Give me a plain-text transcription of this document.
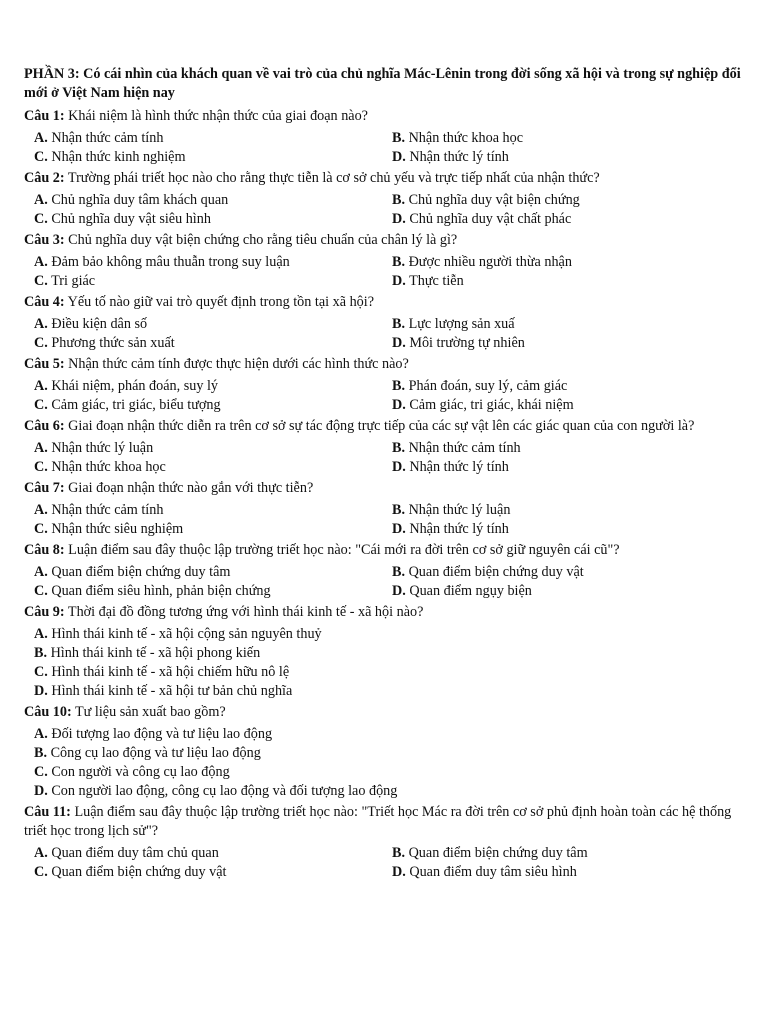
PHẦN 3: Có cái nhìn của khách quan về vai trò của chủ nghĩa Mác-Lênin trong đời sống xã hội và trong sự nghiệp đổi mới ở Việt Nam hiện nay

Câu 1: Khái niệm là hình thức nhận thức của giai đoạn nào?

A. Nhận thức cảm tính	B. Nhận thức khoa học
C. Nhận thức kinh nghiệm	D. Nhận thức lý tính

Câu 2: Trường phái triết học nào cho rằng thực tiễn là cơ sở chủ yếu và trực tiếp nhất của nhận thức?

A. Chủ nghĩa duy tâm khách quan	B. Chủ nghĩa duy vật biện chứng
C. Chủ nghĩa duy vật siêu hình	D. Chủ nghĩa duy vật chất phác

Câu 3: Chủ nghĩa duy vật biện chứng cho rằng tiêu chuẩn của chân lý là gì?

A. Đảm bảo không mâu thuẫn trong suy luận	B. Được nhiều người thừa nhận
C. Tri giác	D. Thực tiễn

Câu 4: Yếu tố nào giữ vai trò quyết định trong tồn tại xã hội?

A. Điều kiện dân số	B. Lực lượng sản xuấ
C. Phương thức sản xuất	D. Môi trường tự nhiên

Câu 5: Nhận thức cảm tính được thực hiện dưới các hình thức nào?

A. Khái niệm, phán đoán, suy lý	B. Phán đoán, suy lý, cảm giác
C. Cảm giác, tri giác, biểu tượng	D. Cảm giác, tri giác, khái niệm

Câu 6: Giai đoạn nhận thức diễn ra trên cơ sở sự tác động trực tiếp của các sự vật lên các giác quan của con người là?

A. Nhận thức lý luận	B. Nhận thức cảm tính
C. Nhận thức khoa học	D. Nhận thức lý tính

Câu 7: Giai đoạn nhận thức nào gắn với thực tiễn?

A. Nhận thức cảm tính	B. Nhận thức lý luận
C. Nhận thức siêu nghiệm	D. Nhận thức lý tính

Câu 8: Luận điểm sau đây thuộc lập trường triết học nào: "Cái mới ra đời trên cơ sở giữ nguyên cái cũ"?

A. Quan điểm biện chứng duy tâm	B. Quan điểm biện chứng duy vật
C. Quan điểm siêu hình, phản biện chứng	D. Quan điểm ngụy biện

Câu 9: Thời đại đồ đồng tương ứng với hình thái kinh tế - xã hội nào?

A. Hình thái kinh tế - xã hội cộng sản nguyên thuỷ
B. Hình thái kinh tế - xã hội phong kiến
C. Hình thái kinh tế - xã hội chiếm hữu nô lệ
D. Hình thái kinh tế - xã hội tư bản chủ nghĩa

Câu 10: Tư liệu sản xuất bao gồm?

A. Đối tượng lao động và tư liệu lao động
B. Công cụ lao động và tư liệu lao động
C. Con người và công cụ lao động
D. Con người lao động, công cụ lao động và đối tượng lao động

Câu 11: Luận điểm sau đây thuộc lập trường triết học nào: "Triết học Mác ra đời trên cơ sở phủ định hoàn toàn các hệ thống triết học trong lịch sử"?

A. Quan điểm duy tâm chủ quan	B. Quan điểm biện chứng duy tâm
C. Quan điểm biện chứng duy vật	D. Quan điểm duy tâm siêu hình
